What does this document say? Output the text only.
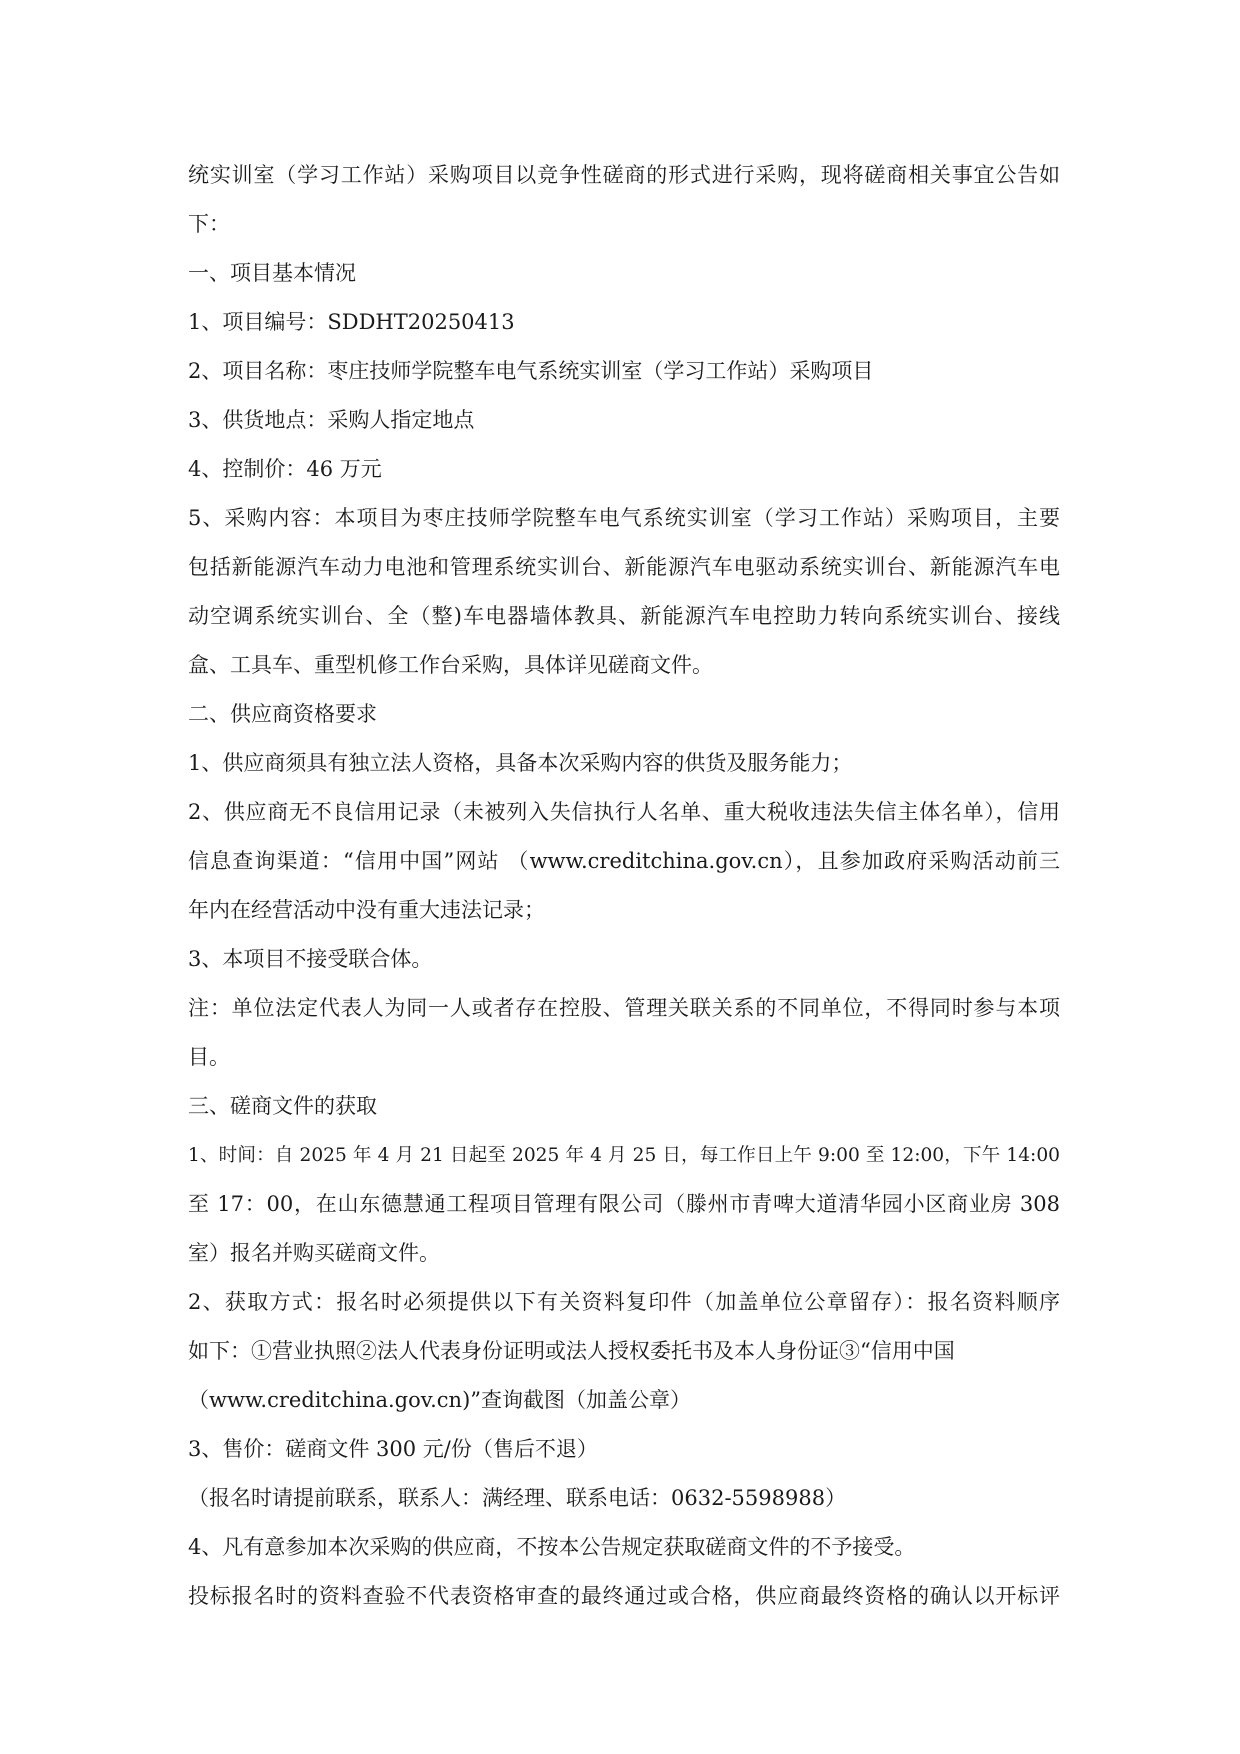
统实训室（学习工作站）采购项目以竞争性磋商的形式进行采购，现将磋商相关事宜公告如
下：
一、项目基本情况
1、项目编号：SDDHT20250413
2、项目名称：枣庄技师学院整车电气系统实训室（学习工作站）采购项目
3、供货地点：采购人指定地点
4、控制价：46 万元
5、采购内容：本项目为枣庄技师学院整车电气系统实训室（学习工作站）采购项目，主要
包括新能源汽车动力电池和管理系统实训台、新能源汽车电驱动系统实训台、新能源汽车电
动空调系统实训台、全（整)车电器墙体教具、新能源汽车电控助力转向系统实训台、接线
盒、工具车、重型机修工作台采购，具体详见磋商文件。
二、供应商资格要求
1、供应商须具有独立法人资格，具备本次采购内容的供货及服务能力；
2、供应商无不良信用记录（未被列入失信执行人名单、重大税收违法失信主体名单），信用
信息查询渠道：“信用中国”网站 （www.creditchina.gov.cn），且参加政府采购活动前三
年内在经营活动中没有重大违法记录；
3、本项目不接受联合体。
注：单位法定代表人为同一人或者存在控股、管理关联关系的不同单位，不得同时参与本项
目。
三、磋商文件的获取
1、时间：自 2025 年 4 月 21 日起至 2025 年 4 月 25 日，每工作日上午 9:00 至 12:00，下午 14:00
至 17：00，在山东德慧通工程项目管理有限公司（滕州市青啤大道清华园小区商业房 308
室）报名并购买磋商文件。
2、获取方式：报名时必须提供以下有关资料复印件（加盖单位公章留存）：报名资料顺序
如下：①营业执照②法人代表身份证明或法人授权委托书及本人身份证③“信用中国
（www.creditchina.gov.cn)”查询截图（加盖公章）
3、售价：磋商文件 300 元/份（售后不退）
（报名时请提前联系，联系人：满经理、联系电话：0632-5598988）
4、凡有意参加本次采购的供应商，不按本公告规定获取磋商文件的不予接受。
投标报名时的资料查验不代表资格审查的最终通过或合格，供应商最终资格的确认以开标评
